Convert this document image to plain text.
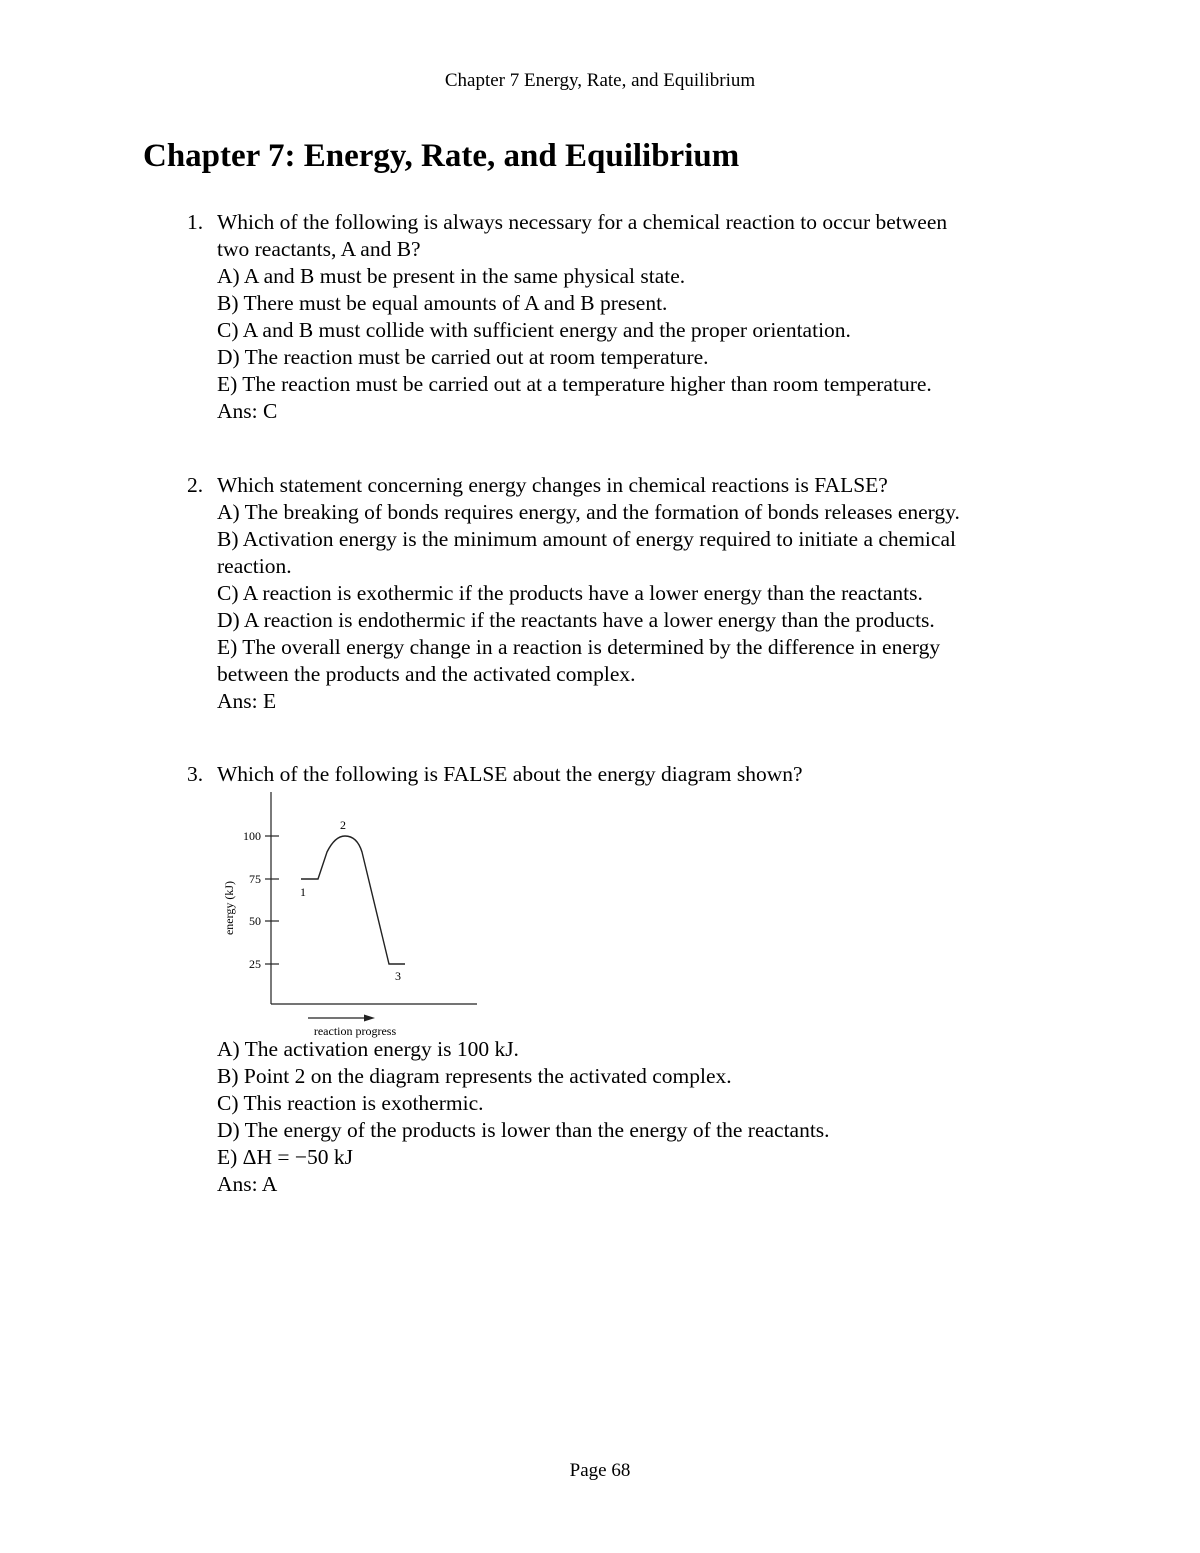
Chapter 7 Energy, Rate, and Equilibrium
Chapter 7: Energy, Rate, and Equilibrium
1. Which of the following is always necessary for a chemical reaction to occur between
two reactants, A and B?
A) A and B must be present in the same physical state.
B) There must be equal amounts of A and B present.
C) A and B must collide with sufficient energy and the proper orientation.
D) The reaction must be carried out at room temperature.
E) The reaction must be carried out at a temperature higher than room temperature.
Ans: C
2. Which statement concerning energy changes in chemical reactions is FALSE?
A) The breaking of bonds requires energy, and the formation of bonds releases energy.
B) Activation energy is the minimum amount of energy required to initiate a chemical
reaction.
C) A reaction is exothermic if the products have a lower energy than the reactants.
D) A reaction is endothermic if the reactants have a lower energy than the products.
E) The overall energy change in a reaction is determined by the difference in energy
between the products and the activated complex.
Ans: E
3. Which of the following is FALSE about the energy diagram shown?
100
75
50
25
energy (kJ)	1
2
3
reaction progress
A) The activation energy is 100 kJ.
B) Point 2 on the diagram represents the activated complex.
C) This reaction is exothermic.
D) The energy of the products is lower than the energy of the reactants.
E) ΔH = −50 kJ
Ans: A
Page 68
